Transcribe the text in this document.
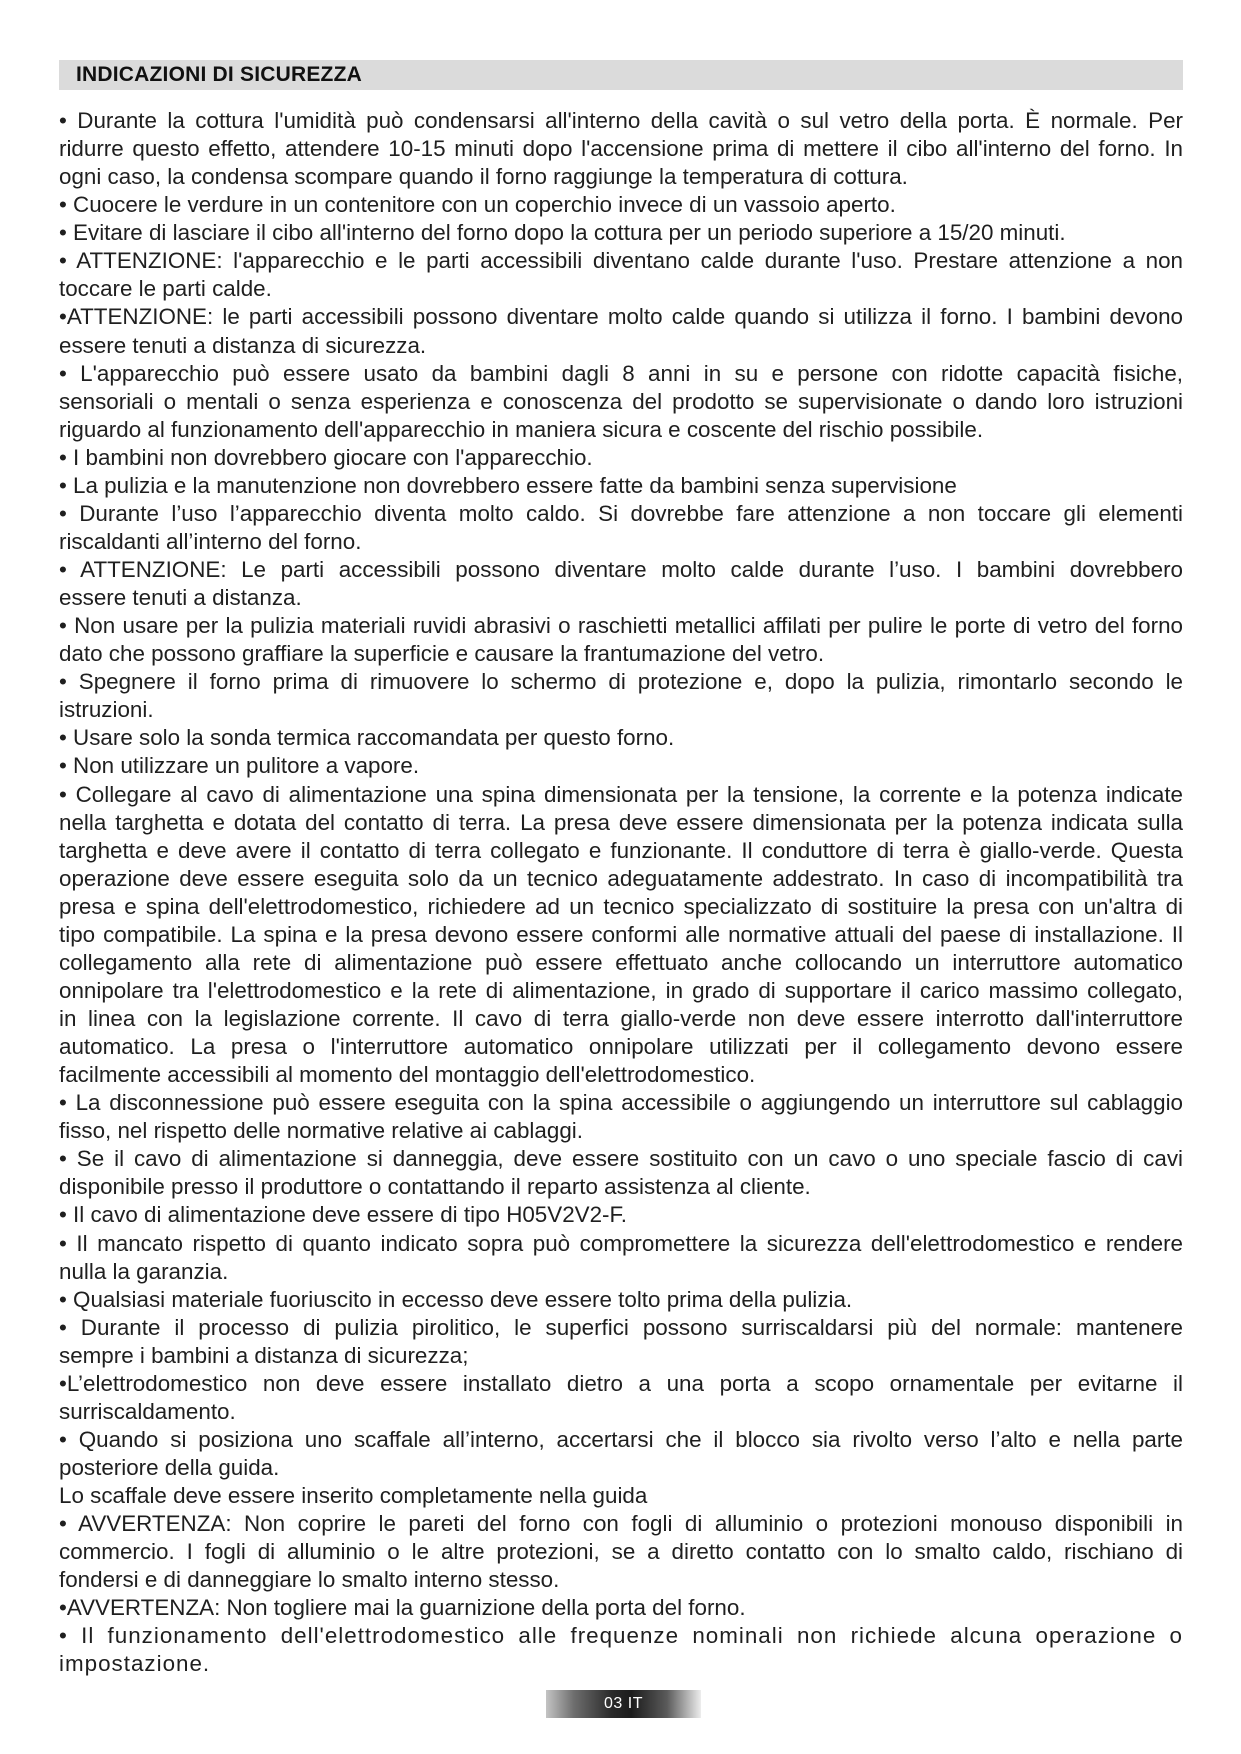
INDICAZIONI DI SICUREZZA
• Durante la cottura l'umidità può condensarsi all'interno della cavità o sul vetro della porta. È normale. Per
ridurre questo effetto, attendere 10-15 minuti dopo l'accensione prima di mettere il cibo all'interno del forno. In
ogni caso, la condensa scompare quando il forno raggiunge la temperatura di cottura.
• Cuocere le verdure in un contenitore con un coperchio invece di un vassoio aperto.
• Evitare di lasciare il cibo all'interno del forno dopo la cottura per un periodo superiore a 15/20 minuti.
• ATTENZIONE: l'apparecchio e le parti accessibili diventano calde durante l'uso. Prestare attenzione a non
toccare le parti calde.
•ATTENZIONE: le parti accessibili possono diventare molto calde quando si utilizza il forno. I bambini devono
essere tenuti a distanza di sicurezza.
• L'apparecchio può essere usato da bambini dagli 8 anni in su e persone con ridotte capacità fisiche,
sensoriali o mentali o senza esperienza e conoscenza del prodotto se supervisionate o dando loro istruzioni
riguardo al funzionamento dell'apparecchio in maniera sicura e coscente del rischio possibile.
• I bambini non dovrebbero giocare con l'apparecchio.
• La pulizia e la manutenzione non dovrebbero essere fatte da bambini senza supervisione
• Durante l’uso l’apparecchio diventa molto caldo. Si dovrebbe fare attenzione a non toccare gli elementi
riscaldanti all’interno del forno.
• ATTENZIONE: Le parti accessibili possono diventare molto calde durante l’uso. I bambini dovrebbero
essere tenuti a distanza.
• Non usare per la pulizia materiali ruvidi abrasivi o raschietti metallici affilati per pulire le porte di vetro del forno
dato che possono graffiare la superficie e causare la frantumazione del vetro.
• Spegnere il forno prima di rimuovere lo schermo di protezione e, dopo la pulizia, rimontarlo secondo le
istruzioni.
• Usare solo la sonda termica raccomandata per questo forno.
• Non utilizzare un pulitore a vapore.
• Collegare al cavo di alimentazione una spina dimensionata per la tensione, la corrente e la potenza indicate
nella targhetta e dotata del contatto di terra. La presa deve essere dimensionata per la potenza indicata sulla
targhetta e deve avere il contatto di terra collegato e funzionante. Il conduttore di terra è giallo-verde. Questa
operazione deve essere eseguita solo da un tecnico adeguatamente addestrato. In caso di incompatibilità tra
presa e spina dell'elettrodomestico, richiedere ad un tecnico specializzato di sostituire la presa con un'altra di
tipo compatibile. La spina e la presa devono essere conformi alle normative attuali del paese di installazione. Il
collegamento alla rete di alimentazione può essere effettuato anche collocando un interruttore automatico
onnipolare tra l'elettrodomestico e la rete di alimentazione, in grado di supportare il carico massimo collegato,
in linea con la legislazione corrente. Il cavo di terra giallo-verde non deve essere interrotto dall'interruttore
automatico. La presa o l'interruttore automatico onnipolare utilizzati per il collegamento devono essere
facilmente accessibili al momento del montaggio dell'elettrodomestico.
• La disconnessione può essere eseguita con la spina accessibile o aggiungendo un interruttore sul cablaggio
fisso, nel rispetto delle normative relative ai cablaggi.
• Se il cavo di alimentazione si danneggia, deve essere sostituito con un cavo o uno speciale fascio di cavi
disponibile presso il produttore o contattando il reparto assistenza al cliente.
• Il cavo di alimentazione deve essere di tipo H05V2V2-F.
• Il mancato rispetto di quanto indicato sopra può compromettere la sicurezza dell'elettrodomestico e rendere
nulla la garanzia.
• Qualsiasi materiale fuoriuscito in eccesso deve essere tolto prima della pulizia.
• Durante il processo di pulizia pirolitico, le superfici possono surriscaldarsi più del normale: mantenere
sempre i bambini a distanza di sicurezza;
•L’elettrodomestico non deve essere installato dietro a una porta a scopo ornamentale per evitarne il
surriscaldamento.
• Quando si posiziona uno scaffale all’interno, accertarsi che il blocco sia rivolto verso l’alto e nella parte
posteriore della guida.
Lo scaffale deve essere inserito completamente nella guida
• AVVERTENZA: Non coprire le pareti del forno con fogli di alluminio o protezioni monouso disponibili in
commercio. I fogli di alluminio o le altre protezioni, se a diretto contatto con lo smalto caldo, rischiano di
fondersi e di danneggiare lo smalto interno stesso.
•AVVERTENZA: Non togliere mai la guarnizione della porta del forno.
• Il funzionamento dell'elettrodomestico alle frequenze nominali non richiede alcuna operazione o
impostazione.
03 IT
